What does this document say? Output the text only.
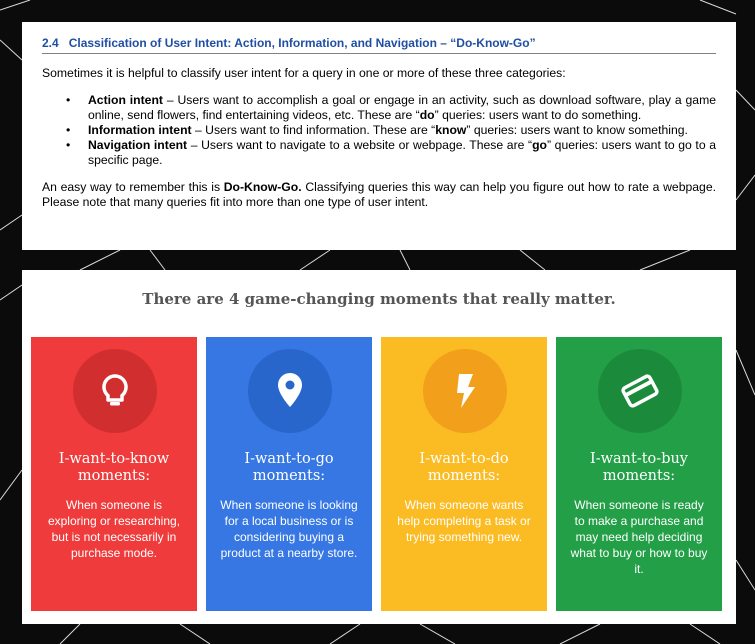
2.4 Classification of User Intent: Action, Information, and Navigation – “Do-Know-Go”

Sometimes it is helpful to classify user intent for a query in one or more of these three categories:

• Action intent – Users want to accomplish a goal or engage in an activity, such as download software, play a game online, send flowers, find entertaining videos, etc. These are “do” queries: users want to do something.
• Information intent – Users want to find information. These are “know” queries: users want to know something.
• Navigation intent – Users want to navigate to a website or webpage. These are “go” queries: users want to go to a specific page.

An easy way to remember this is Do-Know-Go. Classifying queries this way can help you figure out how to rate a webpage. Please note that many queries fit into more than one type of user intent.

There are 4 game-changing moments that really matter.
I-want-to-know
moments:
When someone is exploring or researching, but is not necessarily in purchase mode.
I-want-to-go
moments:
When someone is looking for a local business or is considering buying a product at a nearby store.
I-want-to-do
moments:
When someone wants help completing a task or trying something new.
I-want-to-buy
moments:
When someone is ready to make a purchase and may need help deciding what to buy or how to buy it.
